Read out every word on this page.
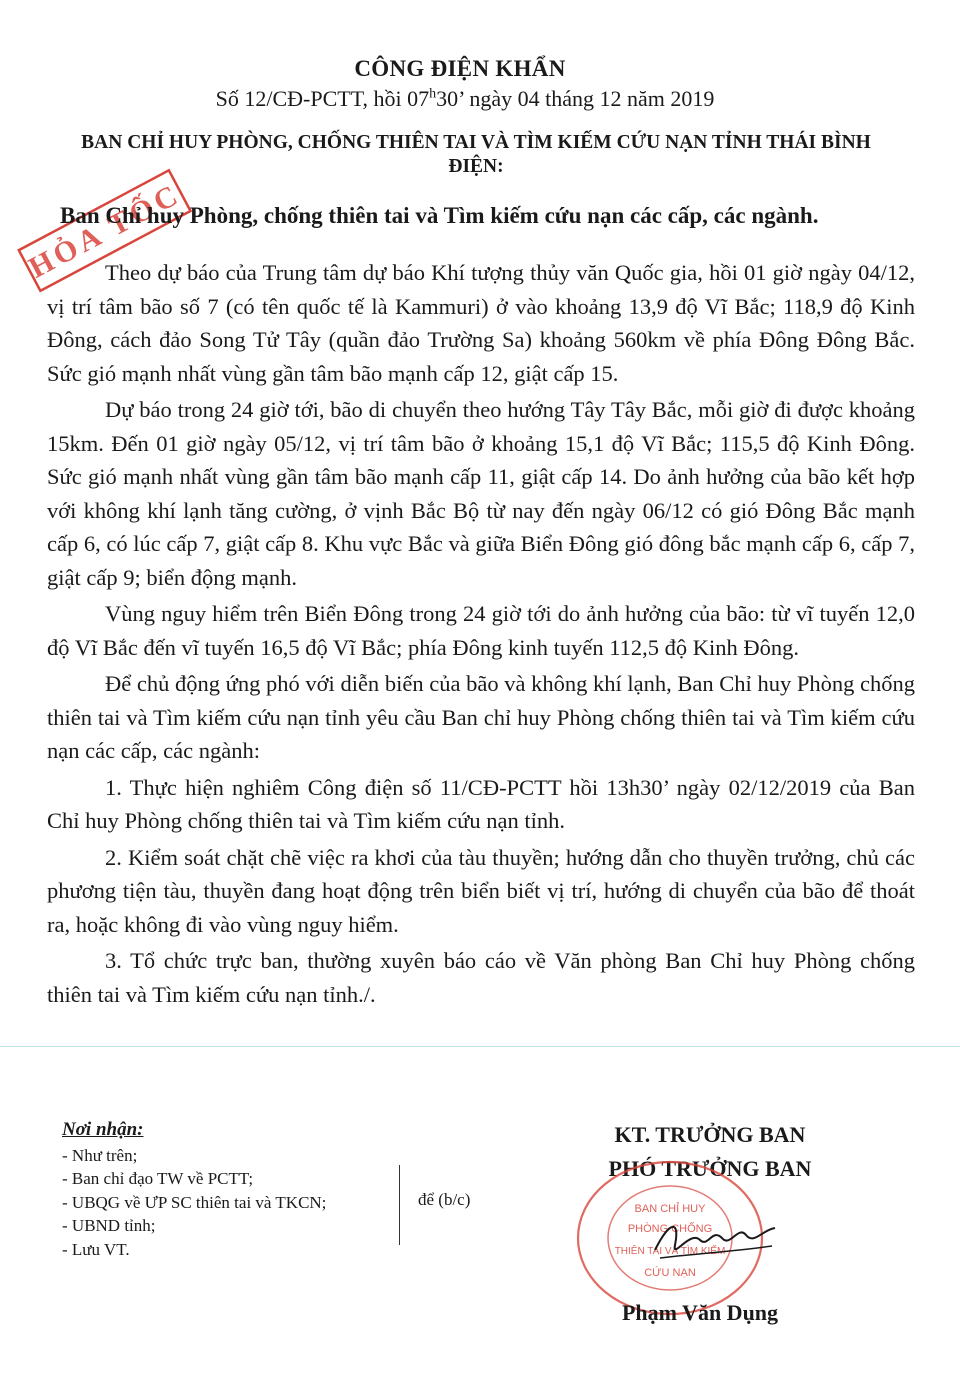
CÔNG ĐIỆN KHẨN
Số 12/CĐ-PCTT, hồi 07$^h$30’ ngày 04 tháng 12 năm 2019
BAN CHỈ HUY PHÒNG, CHỐNG THIÊN TAI VÀ TÌM KIẾM CỨU NẠN TỈNH THÁI BÌNH
ĐIỆN:
HỎA TỐC
Ban Chỉ huy Phòng, chống thiên tai và Tìm kiếm cứu nạn các cấp, các ngành.

Theo dự báo của Trung tâm dự báo Khí tượng thủy văn Quốc gia, hồi 01 giờ ngày 04/12, vị trí tâm bão số 7 (có tên quốc tế là Kammuri) ở vào khoảng 13,9 độ Vĩ Bắc; 118,9 độ Kinh Đông, cách đảo Song Tử Tây (quần đảo Trường Sa) khoảng 560km về phía Đông Đông Bắc. Sức gió mạnh nhất vùng gần tâm bão mạnh cấp 12, giật cấp 15.

Dự báo trong 24 giờ tới, bão di chuyển theo hướng Tây Tây Bắc, mỗi giờ đi được khoảng 15km. Đến 01 giờ ngày 05/12, vị trí tâm bão ở khoảng 15,1 độ Vĩ Bắc; 115,5 độ Kinh Đông. Sức gió mạnh nhất vùng gần tâm bão mạnh cấp 11, giật cấp 14. Do ảnh hưởng của bão kết hợp với không khí lạnh tăng cường, ở vịnh Bắc Bộ từ nay đến ngày 06/12 có gió Đông Bắc mạnh cấp 6, có lúc cấp 7, giật cấp 8. Khu vực Bắc và giữa Biển Đông gió đông bắc mạnh cấp 6, cấp 7, giật cấp 9; biển động mạnh.

Vùng nguy hiểm trên Biển Đông trong 24 giờ tới do ảnh hưởng của bão: từ vĩ tuyến 12,0 độ Vĩ Bắc đến vĩ tuyến 16,5 độ Vĩ Bắc; phía Đông kinh tuyến 112,5 độ Kinh Đông.

Để chủ động ứng phó với diễn biến của bão và không khí lạnh, Ban Chỉ huy Phòng chống thiên tai và Tìm kiếm cứu nạn tỉnh yêu cầu Ban chỉ huy Phòng chống thiên tai và Tìm kiếm cứu nạn các cấp, các ngành:

1. Thực hiện nghiêm Công điện số 11/CĐ-PCTT hồi 13h30’ ngày 02/12/2019 của Ban Chỉ huy Phòng chống thiên tai và Tìm kiếm cứu nạn tỉnh.

2. Kiểm soát chặt chẽ việc ra khơi của tàu thuyền; hướng dẫn cho thuyền trưởng, chủ các phương tiện tàu, thuyền đang hoạt động trên biển biết vị trí, hướng di chuyển của bão để thoát ra, hoặc không đi vào vùng nguy hiểm.

3. Tổ chức trực ban, thường xuyên báo cáo về Văn phòng Ban Chỉ huy Phòng chống thiên tai và Tìm kiếm cứu nạn tỉnh./.

Nơi nhận:
- Như trên;
- Ban chỉ đạo TW về PCTT;
- UBQG về ƯP SC thiên tai và TKCN;
- UBND tỉnh;
- Lưu VT.
để (b/c)
KT. TRƯỞNG BAN
PHÓ TRƯỞNG BAN
BAN CHỈ HUY
PHÒNG CHỐNG
THIÊN TAI VÀ TÌM KIẾM
CỨU NẠN
Phạm Văn Dụng
